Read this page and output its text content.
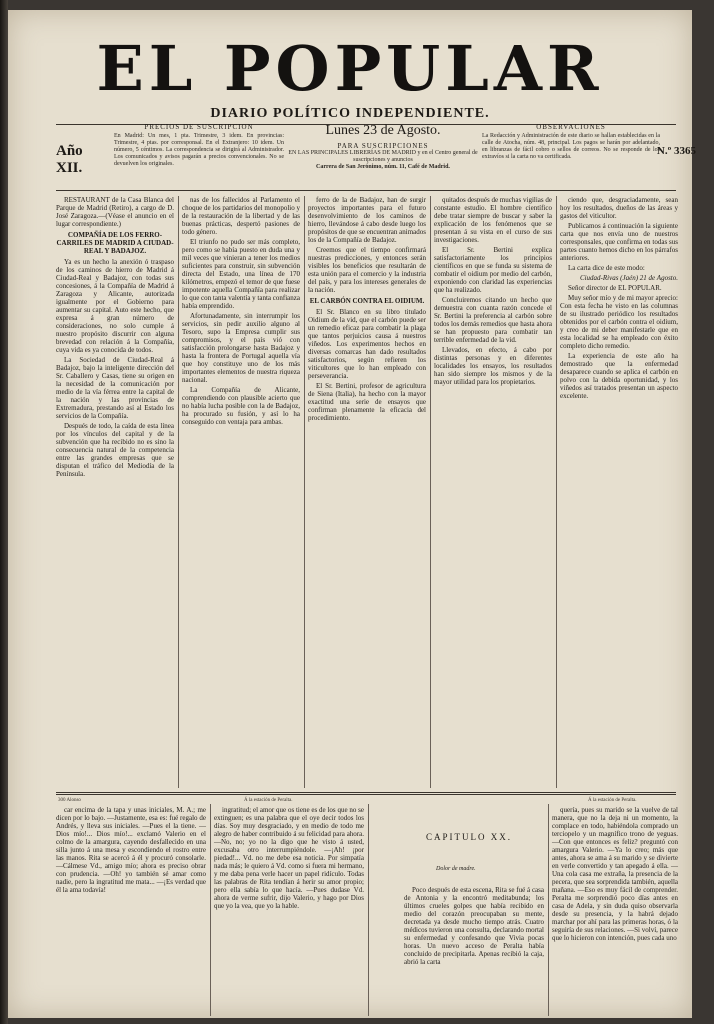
EL POPULAR
DIARIO POLÍTICO INDEPENDIENTE.
Año XII.
PRECIOS DE SUSCRIPCION
En Madrid: Un mes, 1 pta. Trimestre, 3 idem. En provincias: Trimestre, 4 ptas. por corresponsal. En el Extranjero: 10 idem. Un número, 5 céntimos. La correspondencia se dirigirá al Administrador. Los comunicados y avisos pagarán a precios convencionales. No se devuelven los originales.
Lunes 23 de Agosto.
PARA SUSCRIPCIONES
EN LAS PRINCIPALES LIBRERÍAS DE MADRID y en el Centro general de suscripciones y anuncios
Carrera de San Jerónimo, núm. 11, Café de Madrid.
OBSERVACIONES
La Redacción y Administración de este diario se hallan establecidas en la calle de Atocha, núm. 48, principal. Los pagos se harán por adelantado, en libranzas de fácil cobro o sellos de correos. No se responde de los extravíos si la carta no va certificada.	N.º 3365

RESTAURANT de la Casa Blanca del Parque de Madrid (Retiro), a cargo de D. José Zaragoza.—(Véase el anuncio en el lugar correspondiente.)

COMPAÑÍA DE LOS FERRO-CARRILES DE MADRID A CIUDAD-REAL Y BADAJOZ.

Ya es un hecho la anexión ó traspaso de los caminos de hierro de Madrid á Ciudad-Real y Badajoz, con todas sus concesiones, á la Compañía de Madrid á Zaragoza y Alicante, autorizada igualmente por el Gobierno para aumentar su capital. Auto este hecho, que expresa á gran número de consideraciones, no solo cumple á nuestro propósito discurrir con alguna brevedad con relación á la Compañía, cuya vida es ya conocida de todos.

La Sociedad de Ciudad-Real á Badajoz, bajo la inteligente dirección del Sr. Caballero y Casas, tiene su origen en la necesidad de la comunicación por medio de la vía férrea entre la capital de la nación y las provincias de Extremadura, prestando así al Estado los servicios de la Compañía.

Después de todo, la caída de esta línea por los vínculos del capital y de la subvención que ha recibido no es sino la consecuencia natural de la competencia entre las grandes empresas que se disputan el tráfico del Mediodía de la Península.

nas de los fallecidos al Parlamento el choque de los partidarios del monopolio y de la restauración de la libertad y de las buenas prácticas, despertó pasiones de todo género.

El triunfo no pudo ser más completo, pero como se había puesto en duda una y mil veces que vinieran a tener los medios suficientes para construir, sin subvención directa del Estado, una línea de 170 kilómetros, empezó el temor de que fuese impotente aquella Compañía para realizar lo que con tanta valentía y tanta confianza había emprendido.

Afortunadamente, sin interrumpir los servicios, sin pedir auxilio alguno al Tesoro, supo la Empresa cumplir sus compromisos, y el país vió con satisfacción prolongarse hasta Badajoz y hasta la frontera de Portugal aquella vía que hoy constituye uno de los más importantes elementos de nuestra riqueza nacional.

La Compañía de Alicante, comprendiendo con plausible acierto que no había lucha posible con la de Badajoz, ha procurado su fusión, y así lo ha conseguido con ventaja para ambas.

ferro de la de Badajoz, han de surgir proyectos importantes para el futuro desenvolvimiento de los caminos de hierro, llevándose á cabo desde luego los propósitos de que se encuentran animados los de la Compañía de Badajoz.

Creemos que el tiempo confirmará nuestras predicciones, y entonces serán visibles los beneficios que resultarán de esta unión para el comercio y la industria del país, y para los intereses generales de la nación.

EL CARBÓN CONTRA EL OIDIUM.

El Sr. Blanco en su libro titulado Oidium de la vid, que el carbón puede ser un remedio eficaz para combatir la plaga que tantos perjuicios causa á nuestros viñedos. Los experimentos hechos en diversas comarcas han dado resultados satisfactorios, según refieren los viticultores que lo han empleado con perseverancia.

El Sr. Bertini, profesor de agricultura de Siena (Italia), ha hecho con la mayor exactitud una serie de ensayos que confirman plenamente la eficacia del procedimiento.

quitados después de muchas vigilias de constante estudio. El hombre científico debe tratar siempre de buscar y saber la explicación de los fenómenos que se presentan á su vista en el curso de sus investigaciones.

El Sr. Bertini explica satisfactoriamente los principios científicos en que se funda su sistema de combatir el oidium por medio del carbón, exponiendo con claridad las experiencias que ha realizado.

Concluiremos citando un hecho que demuestra con cuanta razón concede el Sr. Bertini la preferencia al carbón sobre todos los demás remedios que hasta ahora se han propuesto para combatir tan terrible enfermedad de la vid.

Llevados, en efecto, á cabo por distintas personas y en diferentes localidades los ensayos, los resultados han sido siempre los mismos y de la mayor utilidad para los propietarios.

ciendo que, desgraciadamente, sean hoy los resultados, dueños de las áreas y gastos del viticultor.

Publicamos á continuación la siguiente carta que nos envía uno de nuestros corresponsales, que confirma en todas sus partes cuanto hemos dicho en los párrafos anteriores.

La carta dice de este modo:

Ciudad-Rivas (Jaén) 21 de Agosto.

Señor director de EL POPULAR.

Muy señor mío y de mi mayor aprecio: Con esta fecha he visto en las columnas de su ilustrado periódico los resultados obtenidos por el carbón contra el oidium, y creo de mi deber manifestarle que en esta localidad se ha empleado con éxito completo dicho remedio.

La experiencia de este año ha demostrado que la enfermedad desaparece cuando se aplica el carbón en polvo con la debida oportunidad, y los viñedos así tratados presentan un aspecto excelente.

300 Alonso	Á la estación de Peralta.	Á la estación de Peralta.

car encima de la tapa y unas iniciales, M. A.; me dicen por lo bajo. —Justamente, esa es: fué regalo de Andrés, y lleva sus iniciales. —Pues el la tiene. —Dios mío!... Dios mío!... exclamó Valerio en el colmo de la amargura, cayendo desfallecido en una silla junto á una mesa y escondiendo el rostro entre las manos. Rita se acercó á él y procuró consolarle. —Cálmese Vd., amigo mío; ahora es preciso obrar con prudencia. —Oh! yo también sé amar como nadie, pero la ingratitud me mata... —¡Es verdad que él la ama todavía!

ingratitud; el amor que os tiene es de los que no se extinguen; es una palabra que el oye decir todos los días. Soy muy desgraciado, y en medio de todo me alegro de haber contribuido á su felicidad para ahora. —No, no; yo no la digo que he visto á usted, excusaba otro interrumpiéndole. —¡Ah! ¡por piedad!... Vd. no me debe esa noticia. Por simpatía nada más; le quiero á Vd. como si fuera mi hermano, y me daba pena verle hacer un papel ridículo. Todas las palabras de Rita tendían á herir su amor propio; pero ella sabía lo que hacía. —Pues dudase Vd. ahora de verme sufrir, dijo Valerio, y hago por Dios que yo la vea, que yo la hable.

CAPITULO XX.
Dolor de madre.

Poco después de esta escena, Rita se fué á casa de Antonia y la encontró meditabunda; los últimos crueles golpes que había recibido en medio del corazón preocupaban su mente, decretada ya desde mucho tiempo atrás. Cuatro médicos tuvieron una consulta, declarando mortal su enfermedad y confesando que Vivia pocas horas. Un nuevo acceso de Peralta había concluido de precipitarla. Apenas recibió la caja, abrió la carta

quería, pues su marido se la vuelve de tal manera, que no la deja ni un momento, la complace en todo, habiéndola comprado un terciopelo y un magnífico trono de yeguas. —Con que entonces es feliz? preguntó con amargura Valerio. —Ya lo creo; más que antes, ahora se ama á su marido y se divierte en verle convertido y tan apegado á ella. —Una cola casa me extraña, la presencia de la pecera, que sea sorprendida también, aquella mañana. —Eso es muy fácil de comprender. Peralta me sorprendió poco días antes en casa de Adela, y sin duda quiso observarla desde su presencia, y la habrá dejado marchar por ahí para las primeras horas, ó la seguiría de sus relaciones. —Si volví, parece que lo hicieron con intención, pues cada uno
